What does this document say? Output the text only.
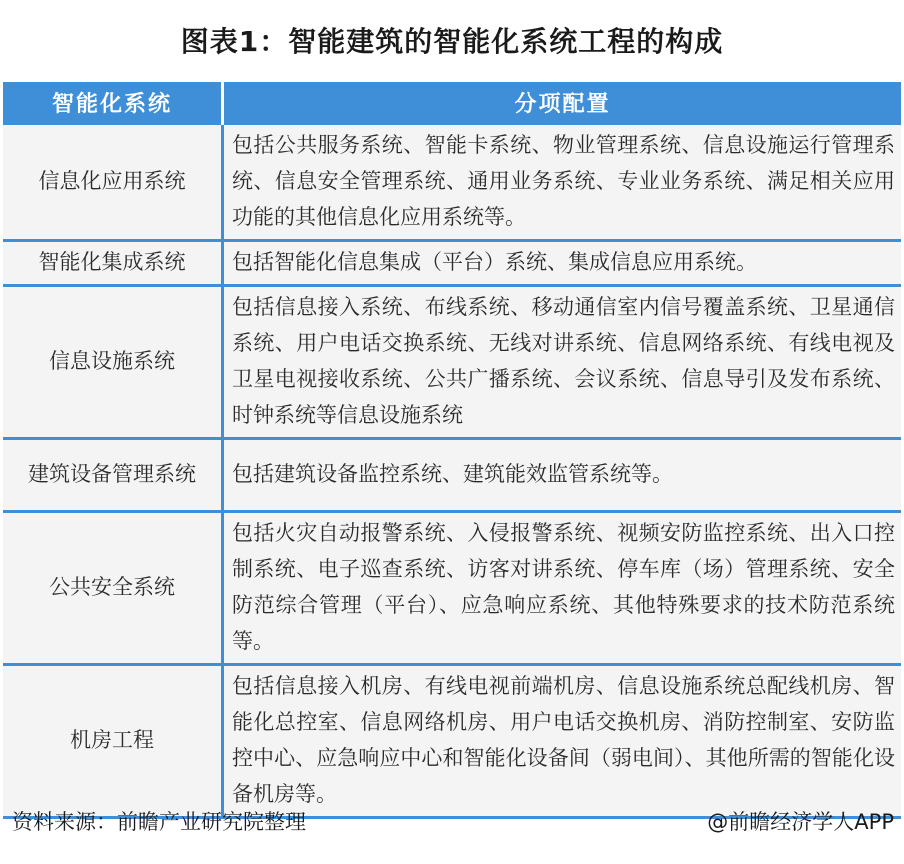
图表1：智能建筑的智能化系统工程的构成
智能化系统	分项配置
信息化应用系统	包括公共服务系统、智能卡系统、物业管理系统、信息设施运行管理系统、信息安全管理系统、通用业务系统、专业业务系统、满足相关应用功能的其他信息化应用系统等。
智能化集成系统	包括智能化信息集成（平台）系统、集成信息应用系统。
信息设施系统	包括信息接入系统、布线系统、移动通信室内信号覆盖系统、卫星通信系统、用户电话交换系统、无线对讲系统、信息网络系统、有线电视及卫星电视接收系统、公共广播系统、会议系统、信息导引及发布系统、时钟系统等信息设施系统
建筑设备管理系统	包括建筑设备监控系统、建筑能效监管系统等。
公共安全系统	包括火灾自动报警系统、入侵报警系统、视频安防监控系统、出入口控制系统、电子巡查系统、访客对讲系统、停车库（场）管理系统、安全防范综合管理（平台）、应急响应系统、其他特殊要求的技术防范系统等。
机房工程	包括信息接入机房、有线电视前端机房、信息设施系统总配线机房、智能化总控室、信息网络机房、用户电话交换机房、消防控制室、安防监控中心、应急响应中心和智能化设备间（弱电间）、其他所需的智能化设备机房等。
资料来源：前瞻产业研究院整理	@前瞻经济学人APP
